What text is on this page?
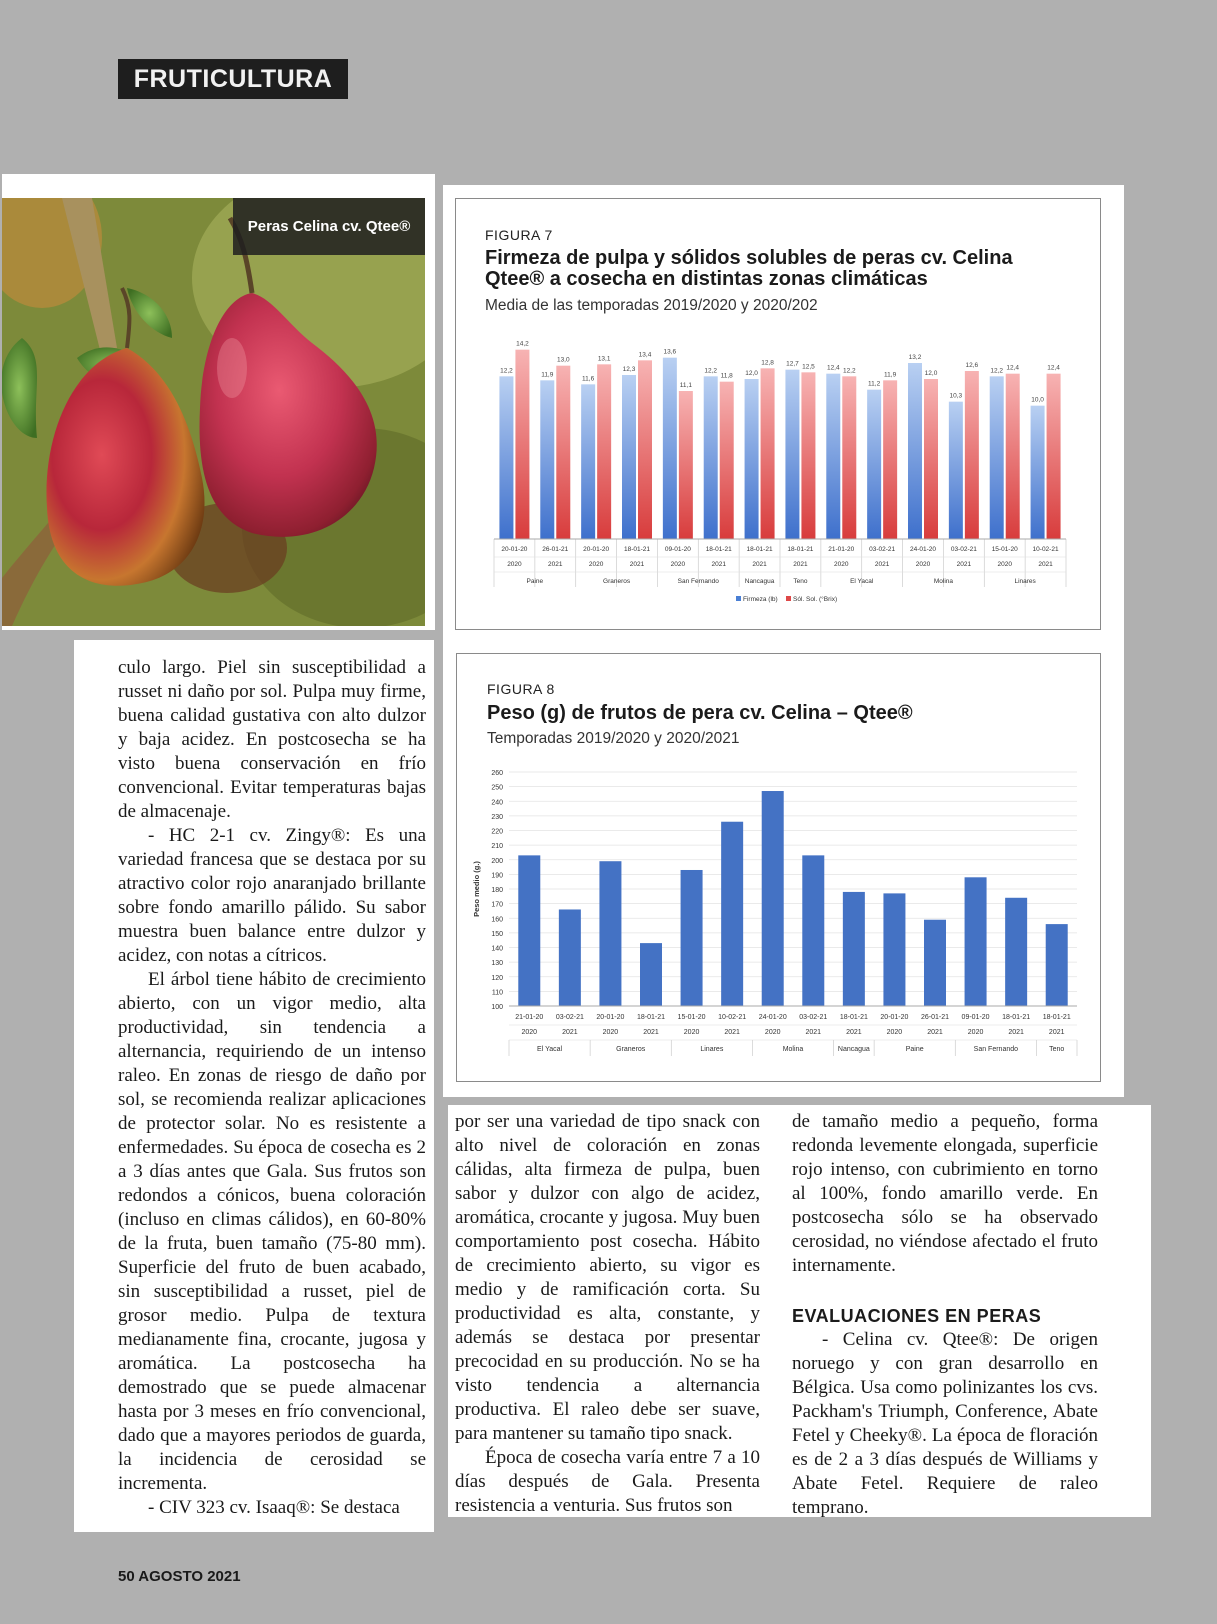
FRUTICULTURA
Peras Celina cv. Qtee®	FIGURA 7
Firmeza de pulpa y sólidos solubles de peras cv. Celina
Qtee® a cosecha en distintas zonas climáticas
Media de las temporadas 2019/2020 y 2020/202
12,2
14,2
20-01-20
2020
11,9
13,0
26-01-21
2021
11,6
13,1
20-01-20
2020
12,3
13,4
18-01-21
2021
13,6
11,1
09-01-20
2020
12,2
11,8
18-01-21
2021
12,0
12,8
18-01-21
2021
12,7 12,5
18-01-21
2021
12,4 12,2
21-01-20
2020
11,2
11,9
03-02-21
2021
13,2
12,0
24-01-20
2020
10,3
12,6
03-02-21
2021
12,2 12,4
15-01-20
2020
10,0
12,4
10-02-21
2021
Paine	Graneros	San Fernando	Nancagua	Teno	El Yacal	Molina	Linares
Firmeza (lb) Sól. Sol. (°Brix)
FIGURA 8
Peso (g) de frutos de pera cv. Celina – Qtee®
Temporadas 2019/2020 y 2020/2021
100
110
120
130
140
150
160
170
180
190
200
210
220
230
240
250
260
Peso medio (g.)
21-01-20
2020
03-02-21
2021
20-01-20
2020
18-01-21
2021
15-01-20
2020
10-02-21
2021
24-01-20
2020
03-02-21
2021
18-01-21
2021
20-01-20
2020
26-01-21
2021
09-01-20
2020
18-01-21
2021
18-01-21
2021
El Yacal	Graneros	Linares	Molina	Nancagua	Paine	San Fernando	Teno

culo largo. Piel sin susceptibilidad a russet ni daño por sol. Pulpa muy firme, buena calidad gustativa con alto dulzor y baja acidez. En postcosecha se ha visto buena conservación en frío convencional. Evitar temperaturas bajas de almacenaje.

- HC 2-1 cv. Zingy®: Es una variedad francesa que se destaca por su atractivo color rojo anaranjado brillante sobre fondo amarillo pálido. Su sabor muestra buen balance entre dulzor y acidez, con notas a cítricos.

El árbol tiene hábito de crecimiento abierto, con un vigor medio, alta productividad, sin tendencia a alternancia, requiriendo de un intenso raleo. En zonas de riesgo de daño por sol, se recomienda realizar aplicaciones de protector solar. No es resistente a enfermedades. Su época de cosecha es 2 a 3 días antes que Gala. Sus frutos son redondos a cónicos, buena coloración (incluso en climas cálidos), en 60-80% de la fruta, buen tamaño (75-80 mm). Superficie del fruto de buen acabado, sin susceptibilidad a russet, piel de grosor medio. Pulpa de textura medianamente fina, crocante, jugosa y aromática. La postcosecha ha demostrado que se puede almacenar hasta por 3 meses en frío convencional, dado que a mayores periodos de guarda, la incidencia de cerosidad se incrementa.

- CIV 323 cv. Isaaq®: Se destaca

por ser una variedad de tipo snack con alto nivel de coloración en zonas cálidas, alta firmeza de pulpa, buen sabor y dulzor con algo de acidez, aromática, crocante y jugosa. Muy buen comportamiento post cosecha. Hábito de crecimiento abierto, su vigor es medio y de ramificación corta. Su productividad es alta, constante, y además se destaca por presentar precocidad en su producción. No se ha visto tendencia a alternancia productiva. El raleo debe ser suave, para mantener su tamaño tipo snack.

Época de cosecha varía entre 7 a 10 días después de Gala. Presenta resistencia a venturia. Sus frutos son

de tamaño medio a pequeño, forma redonda levemente elongada, superficie rojo intenso, con cubrimiento en torno al 100%, fondo amarillo verde. En postcosecha sólo se ha observado cerosidad, no viéndose afectado el fruto internamente.

EVALUACIONES EN PERAS

- Celina cv. Qtee®: De origen noruego y con gran desarrollo en Bélgica. Usa como polinizantes los cvs. Packham's Triumph, Conference, Abate Fetel y Cheeky®. La época de floración es de 2 a 3 días después de Williams y Abate Fetel. Requiere de raleo temprano.

50 AGOSTO 2021
